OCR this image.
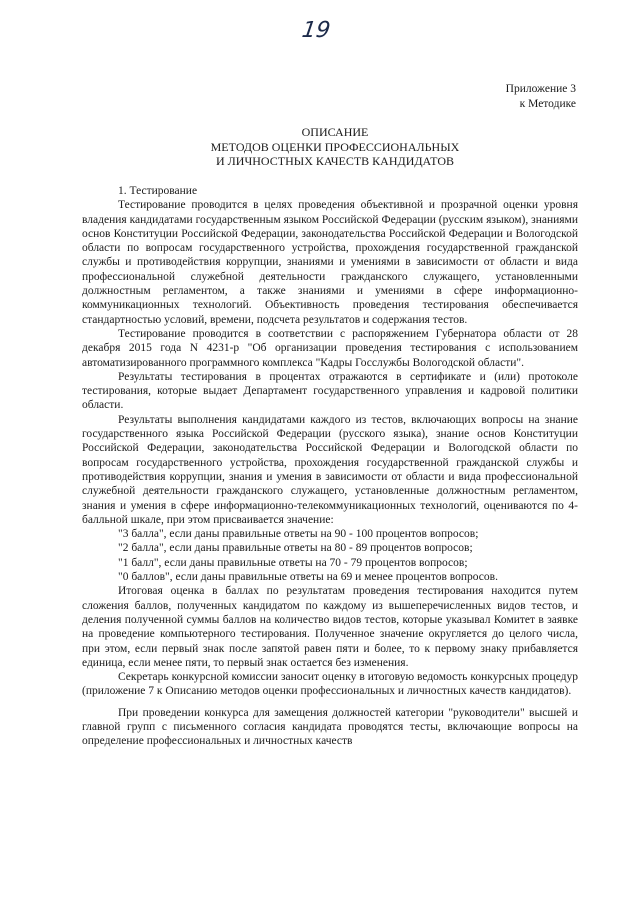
19
Приложение 3
к Методике
ОПИСАНИЕ
МЕТОДОВ ОЦЕНКИ ПРОФЕССИОНАЛЬНЫХ
И ЛИЧНОСТНЫХ КАЧЕСТВ КАНДИДАТОВ
1. Тестирование

Тестирование проводится в целях проведения объективной и прозрачной оценки уровня владения кандидатами государственным языком Российской Федерации (русским языком), знаниями основ Конституции Российской Федерации, законодательства Российской Федерации и Вологодской области по вопросам государственного устройства, прохождения государственной гражданской службы и противодействия коррупции, знаниями и умениями в зависимости от области и вида профессиональной служебной деятельности гражданского служащего, установленными должностным регламентом, а также знаниями и умениями в сфере информационно-коммуникационных технологий. Объективность проведения тестирования обеспечивается стандартностью условий, времени, подсчета результатов и содержания тестов.

Тестирование проводится в соответствии с распоряжением Губернатора области от 28 декабря 2015 года N 4231-р "Об организации проведения тестирования с использованием автоматизированного программного комплекса "Кадры Госслужбы Вологодской области".

Результаты тестирования в процентах отражаются в сертификате и (или) протоколе тестирования, которые выдает Департамент государственного управления и кадровой политики области.

Результаты выполнения кандидатами каждого из тестов, включающих вопросы на знание государственного языка Российской Федерации (русского языка), знание основ Конституции Российской Федерации, законодательства Российской Федерации и Вологодской области по вопросам государственного устройства, прохождения государственной гражданской службы и противодействия коррупции, знания и умения в зависимости от области и вида профессиональной служебной деятельности гражданского служащего, установленные должностным регламентом, знания и умения в сфере информационно-телекоммуникационных технологий, оцениваются по 4-балльной шкале, при этом присваивается значение:

"3 балла", если даны правильные ответы на 90 - 100 процентов вопросов;

"2 балла", если даны правильные ответы на 80 - 89 процентов вопросов;

"1 балл", если даны правильные ответы на 70 - 79 процентов вопросов;

"0 баллов", если даны правильные ответы на 69 и менее процентов вопросов.

Итоговая оценка в баллах по результатам проведения тестирования находится путем сложения баллов, полученных кандидатом по каждому из вышеперечисленных видов тестов, и деления полученной суммы баллов на количество видов тестов, которые указывал Комитет в заявке на проведение компьютерного тестирования. Полученное значение округляется до целого числа, при этом, если первый знак после запятой равен пяти и более, то к первому знаку прибавляется единица, если менее пяти, то первый знак остается без изменения.

Секретарь конкурсной комиссии заносит оценку в итоговую ведомость конкурсных процедур (приложение 7 к Описанию методов оценки профессиональных и личностных качеств кандидатов).

При проведении конкурса для замещения должностей категории "руководители" высшей и главной групп с письменного согласия кандидата проводятся тесты, включающие вопросы на определение профессиональных и личностных качеств
